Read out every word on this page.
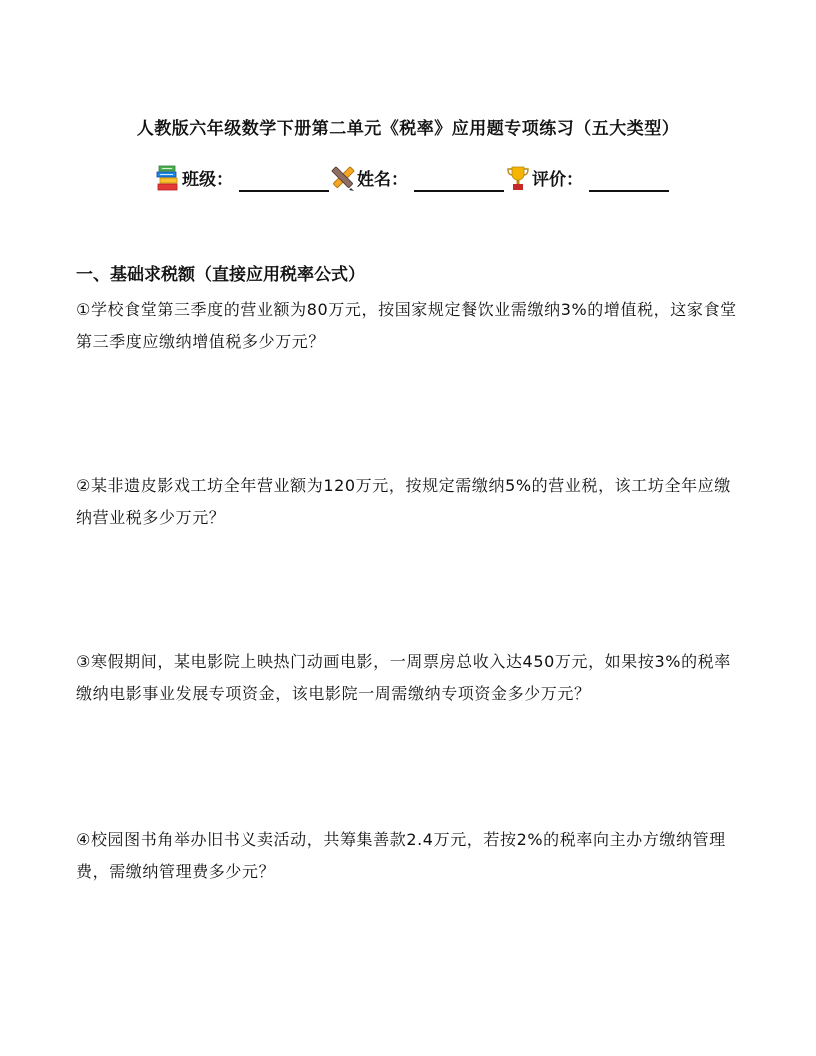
人教版六年级数学下册第二单元《税率》应用题专项练习（五大类型）
班级：	姓名：	评价：
一、基础求税额（直接应用税率公式）
①学校食堂第三季度的营业额为80万元，按国家规定餐饮业需缴纳3%的增值税，这家食堂第三季度应缴纳增值税多少万元？
②某非遗皮影戏工坊全年营业额为120万元，按规定需缴纳5%的营业税，该工坊全年应缴纳营业税多少万元？
③寒假期间，某电影院上映热门动画电影，一周票房总收入达450万元，如果按3%的税率缴纳电影事业发展专项资金，该电影院一周需缴纳专项资金多少万元？
④校园图书角举办旧书义卖活动，共筹集善款2.4万元，若按2%的税率向主办方缴纳管理费，需缴纳管理费多少元？
